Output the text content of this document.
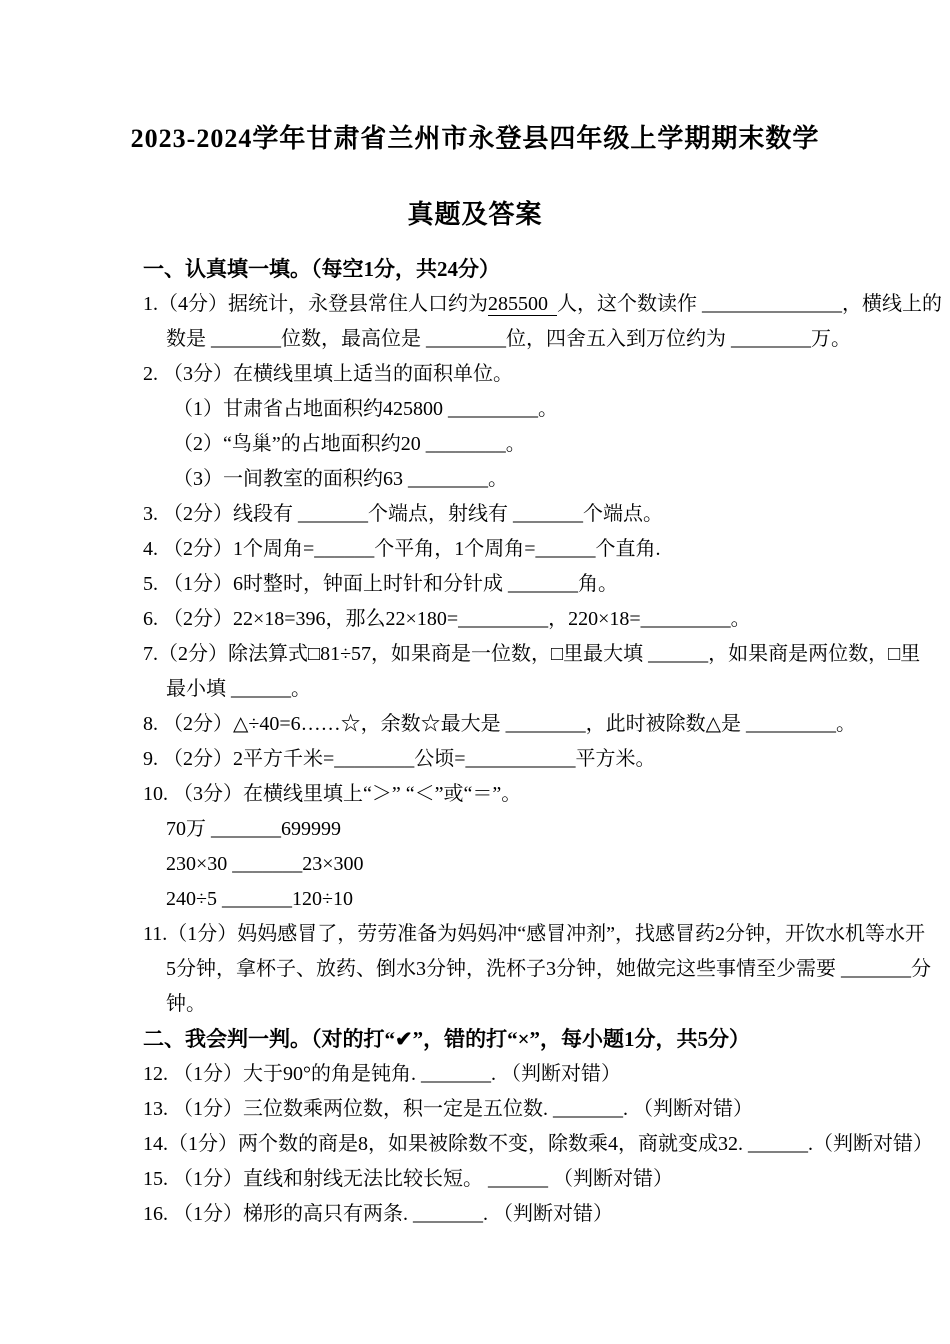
2023-2024学年甘肃省兰州市永登县四年级上学期期末数学
真题及答案
一、认真填一填。（每空1分，共24分）
1.（4分）据统计，永登县常住人口约为285500 人，这个数读作 ______________，横线上的
数是 _______位数，最高位是 ________位，四舍五入到万位约为 ________万。
2. （3分）在横线里填上适当的面积单位。
（1）甘肃省占地面积约425800 _________。
（2）“鸟巢”的占地面积约20 ________。
（3）一间教室的面积约63 ________。
3. （2分）线段有 _______个端点，射线有 _______个端点。
4. （2分）1个周角=______个平角，1个周角=______个直角.
5. （1分）6时整时，钟面上时针和分针成 _______角。
6. （2分）22×18=396，那么22×180=_________，220×18=_________。
7.（2分）除法算式□81÷57，如果商是一位数，□里最大填 ______，如果商是两位数，□里
最小填 ______。
8. （2分）△÷40=6……☆，余数☆最大是 ________，此时被除数△是 _________。
9. （2分）2平方千米=________公顷=___________平方米。
10. （3分）在横线里填上“＞” “＜”或“＝”。
70万 _______699999
230×30 _______23×300
240÷5 _______120÷10
11.（1分）妈妈感冒了，劳劳准备为妈妈冲“感冒冲剂”，找感冒药2分钟，开饮水机等水开
5分钟，拿杯子、放药、倒水3分钟，洗杯子3分钟，她做完这些事情至少需要 _______分
钟。
二、我会判一判。（对的打“✔”，错的打“×”，每小题1分，共5分）
12. （1分）大于90°的角是钝角. _______. （判断对错）
13. （1分）三位数乘两位数，积一定是五位数. _______. （判断对错）
14.（1分）两个数的商是8，如果被除数不变，除数乘4，商就变成32. ______.（判断对错）
15. （1分）直线和射线无法比较长短。 ______ （判断对错）
16. （1分）梯形的高只有两条. _______. （判断对错）
